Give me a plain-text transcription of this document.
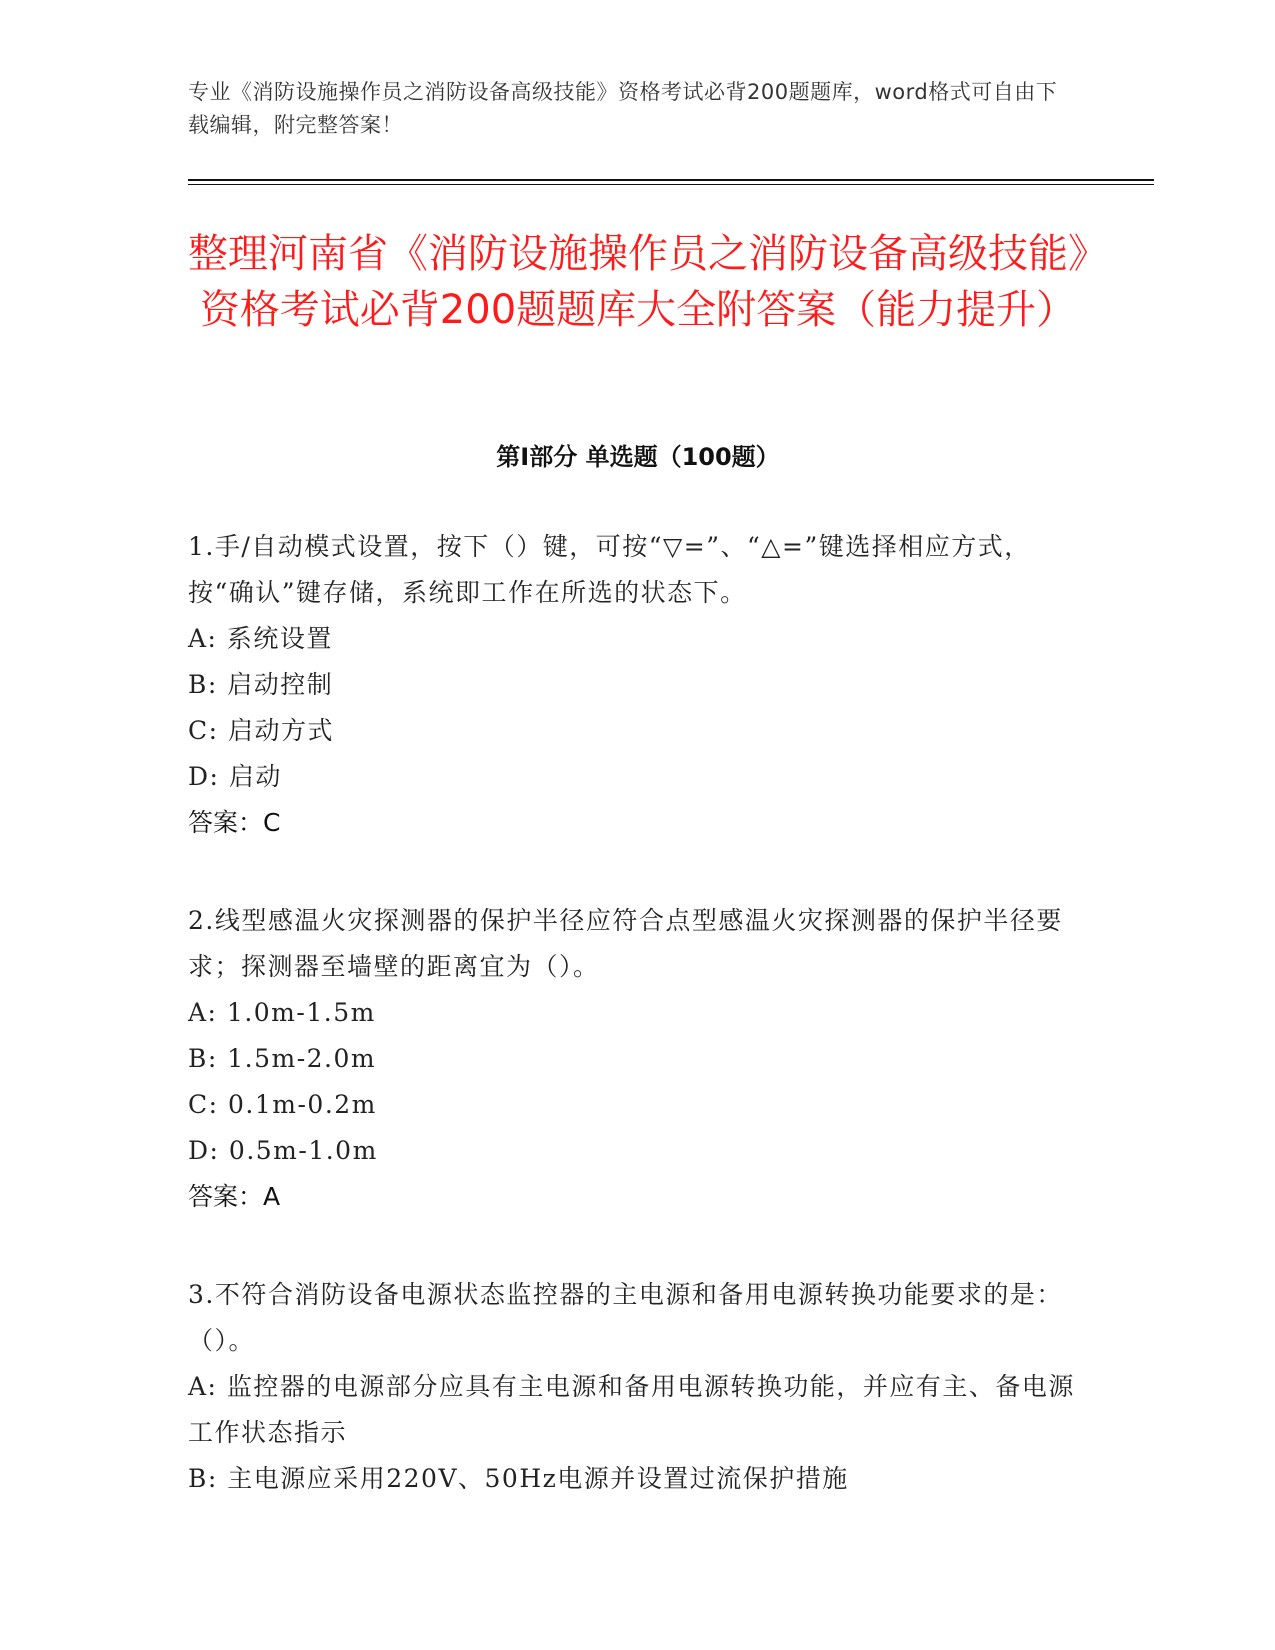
专业《消防设施操作员之消防设备高级技能》资格考试必背200题题库，word格式可自由下载编辑，附完整答案！
整理河南省《消防设施操作员之消防设备高级技能》资格考试必背200题题库大全附答案（能力提升）
第Ⅰ部分 单选题（100题）
1.手/自动模式设置，按下（）键，可按“▽=”、“△=”键选择相应方式，按“确认”键存储，系统即工作在所选的状态下。
A: 系统设置
B: 启动控制
C: 启动方式
D: 启动
答案：C
2.线型感温火灾探测器的保护半径应符合点型感温火灾探测器的保护半径要求；探测器至墙壁的距离宜为（）。
A: 1.0m-1.5m
B: 1.5m-2.0m
C: 0.1m-0.2m
D: 0.5m-1.0m
答案：A
3.不符合消防设备电源状态监控器的主电源和备用电源转换功能要求的是：（）。
A: 监控器的电源部分应具有主电源和备用电源转换功能，并应有主、备电源工作状态指示
B: 主电源应采用220V、50Hz电源并设置过流保护措施
